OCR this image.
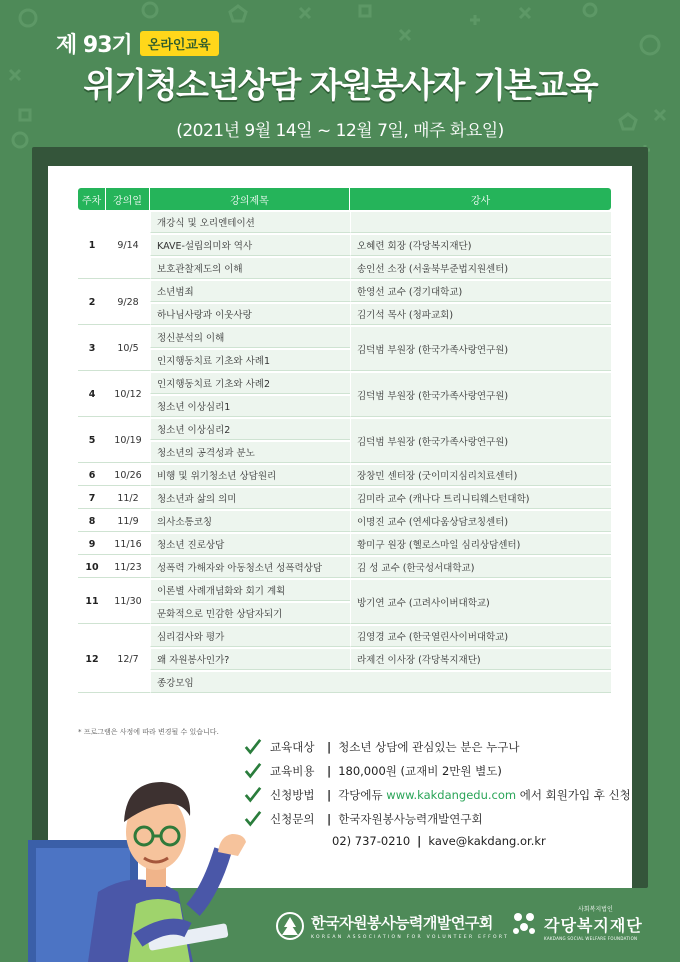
제 93기	온라인교육
위기청소년상담 자원봉사자 기본교육
(2021년 9월 14일 ~ 12월 7일, 매주 화요일)
주차	강의일	강의제목	강사
1	9/14	개강식 및 오리엔테이션	
		KAVE-설립의미와 역사	오혜련 회장 (각당복지재단)
		보호관찰제도의 이해	송인선 소장 (서울북부준법지원센터)
2	9/28	소년범죄	한영선 교수 (경기대학교)
		하나님사랑과 이웃사랑	김기석 목사 (청파교회)
3	10/5	정신분석의 이해	김덕범 부원장 (한국가족사랑연구원)
		인지행동치료 기초와 사례1	
4	10/12	인지행동치료 기초와 사례2	김덕범 부원장 (한국가족사랑연구원)
		청소년 이상심리1	
5	10/19	청소년 이상심리2	김덕범 부원장 (한국가족사랑연구원)
		청소년의 공격성과 분노	
6	10/26	비행 및 위기청소년 상담원리	장창민 센터장 (굿이미지심리치료센터)
7	11/2	청소년과 삶의 의미	김미라 교수 (캐나다 트리니티웨스턴대학)
8	11/9	의사소통코칭	이명진 교수 (연세다움상담코칭센터)
9	11/16	청소년 진로상담	황미구 원장 (헬로스마일 심리상담센터)
10	11/23	성폭력 가해자와 아동청소년 성폭력상담	김 성 교수 (한국성서대학교)
11	11/30	이론별 사례개념화와 회기 계획	방기연 교수 (고려사이버대학교)
		문화적으로 민감한 상담자되기	
12	12/7	심리검사와 평가	김영경 교수 (한국열린사이버대학교)
		왜 자원봉사인가?	라제건 이사장 (각당복지재단)
		종강모임	
* 프로그램은 사정에 따라 변경될 수 있습니다.
교육대상	| 청소년 상담에 관심있는 분은 누구나
교육비용	| 180,000원 (교재비 2만원 별도)
신청방법	| 각당에듀
www.kakdangedu.com
에서 회원가입 후 신청
신청문의	| 한국자원봉사능력개발연구회
02) 737-0210 | kave@kakdang.or.kr
한국자원봉사능력개발연구회
KOREAN ASSOCIATION FOR VOLUNTEER EFFORT
사회복지법인
각당복지재단
KAKDANG SOCIAL WELFARE FOUNDATION
